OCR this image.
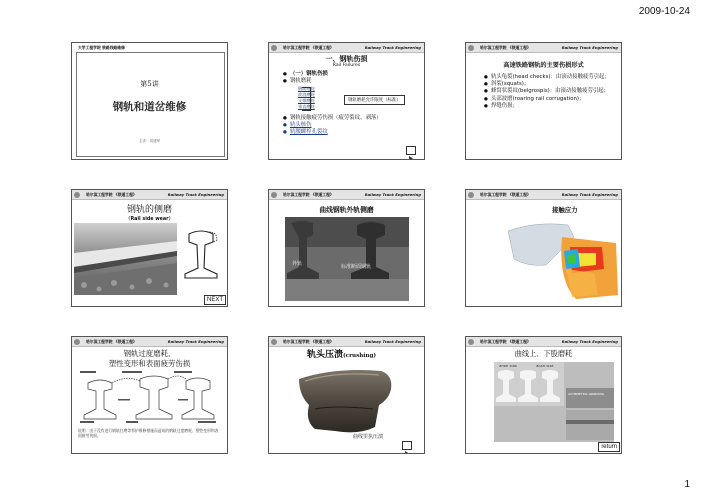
2009-10-24
1
大学工程学院 铁路线路维修
第5讲
钢轨和道岔维修
主讲：刘建军
哈尔滨工程学院 《铁道工程》	Railway Track Engineering
一、钢轨伤损
Rail Failures
● （一）钢轨伤损
● 钢轨磨耗
侧面磨耗
波浪磨耗
支撑磨耗
垂直磨耗
钢轨磨耗允许限度（标准）
● 钢轨接触疲劳伤损（疲劳裂纹、剥落）
● 轨头核伤
● 轨腰螺栓孔裂纹
哈尔滨工程学院 《铁道工程》	Railway Track Engineering
高速铁路钢轨的主要伤损形式
● 轨头龟裂(head checks)：由滚动接触疲劳引起；
● 斜裂(squats)；
● 蜂窝状裂纹(belgrospis)：由滚动接触疲劳引起；
● 头部波磨(roaring rail corrugation)；
● 焊缝伤损；
哈尔滨工程学院 《铁道工程》	Railway Track Engineering
钢轨的侧磨
（Rail side wear）
NEXT
哈尔滨工程学院 《铁道工程》	Railway Track Engineering
曲线钢轨外轨侧磨
外轨	标准断面钢轨
哈尔滨工程学院 《铁道工程》	Railway Track Engineering
接触应力
哈尔滨工程学院 《铁道工程》	Railway Track Engineering
钢轨过度磨耗、
塑性变形和表面疲劳伤损
说明：由于没有进行钢轨打磨等养护维修措施而造成的钢轨过度磨耗、塑性变形和表面疲劳伤损。
哈尔滨工程学院 《铁道工程》	Railway Track Engineering
轨头压溃(crushing)
曲线里执压溃
哈尔滨工程学院 《铁道工程》	Railway Track Engineering
曲线上、下股磨耗
#HRH 3180	#GSH 3165
ASYMMETRIC GRINDING
return
